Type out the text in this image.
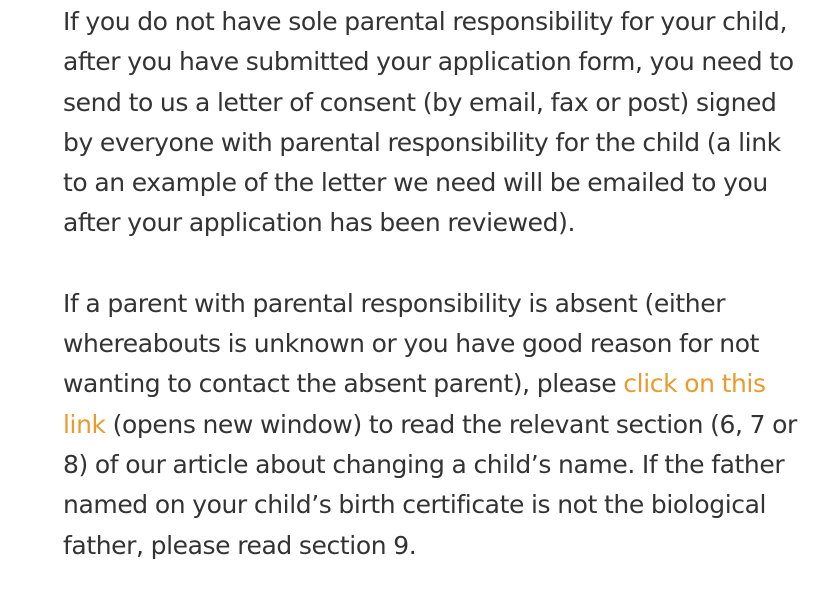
If you do not have sole parental responsibility for your child, after you have submitted your application form, you need to send to us a letter of consent (by email, fax or post) signed by everyone with parental responsibility for the child (a link to an example of the letter we need will be emailed to you after your application has been reviewed).

If a parent with parental responsibility is absent (either whereabouts is unknown or you have good reason for not wanting to contact the absent parent), please click on this link (opens new window) to read the relevant section (6, 7 or 8) of our article about changing a child’s name. If the father named on your child’s birth certificate is not the biological father, please read section 9.
